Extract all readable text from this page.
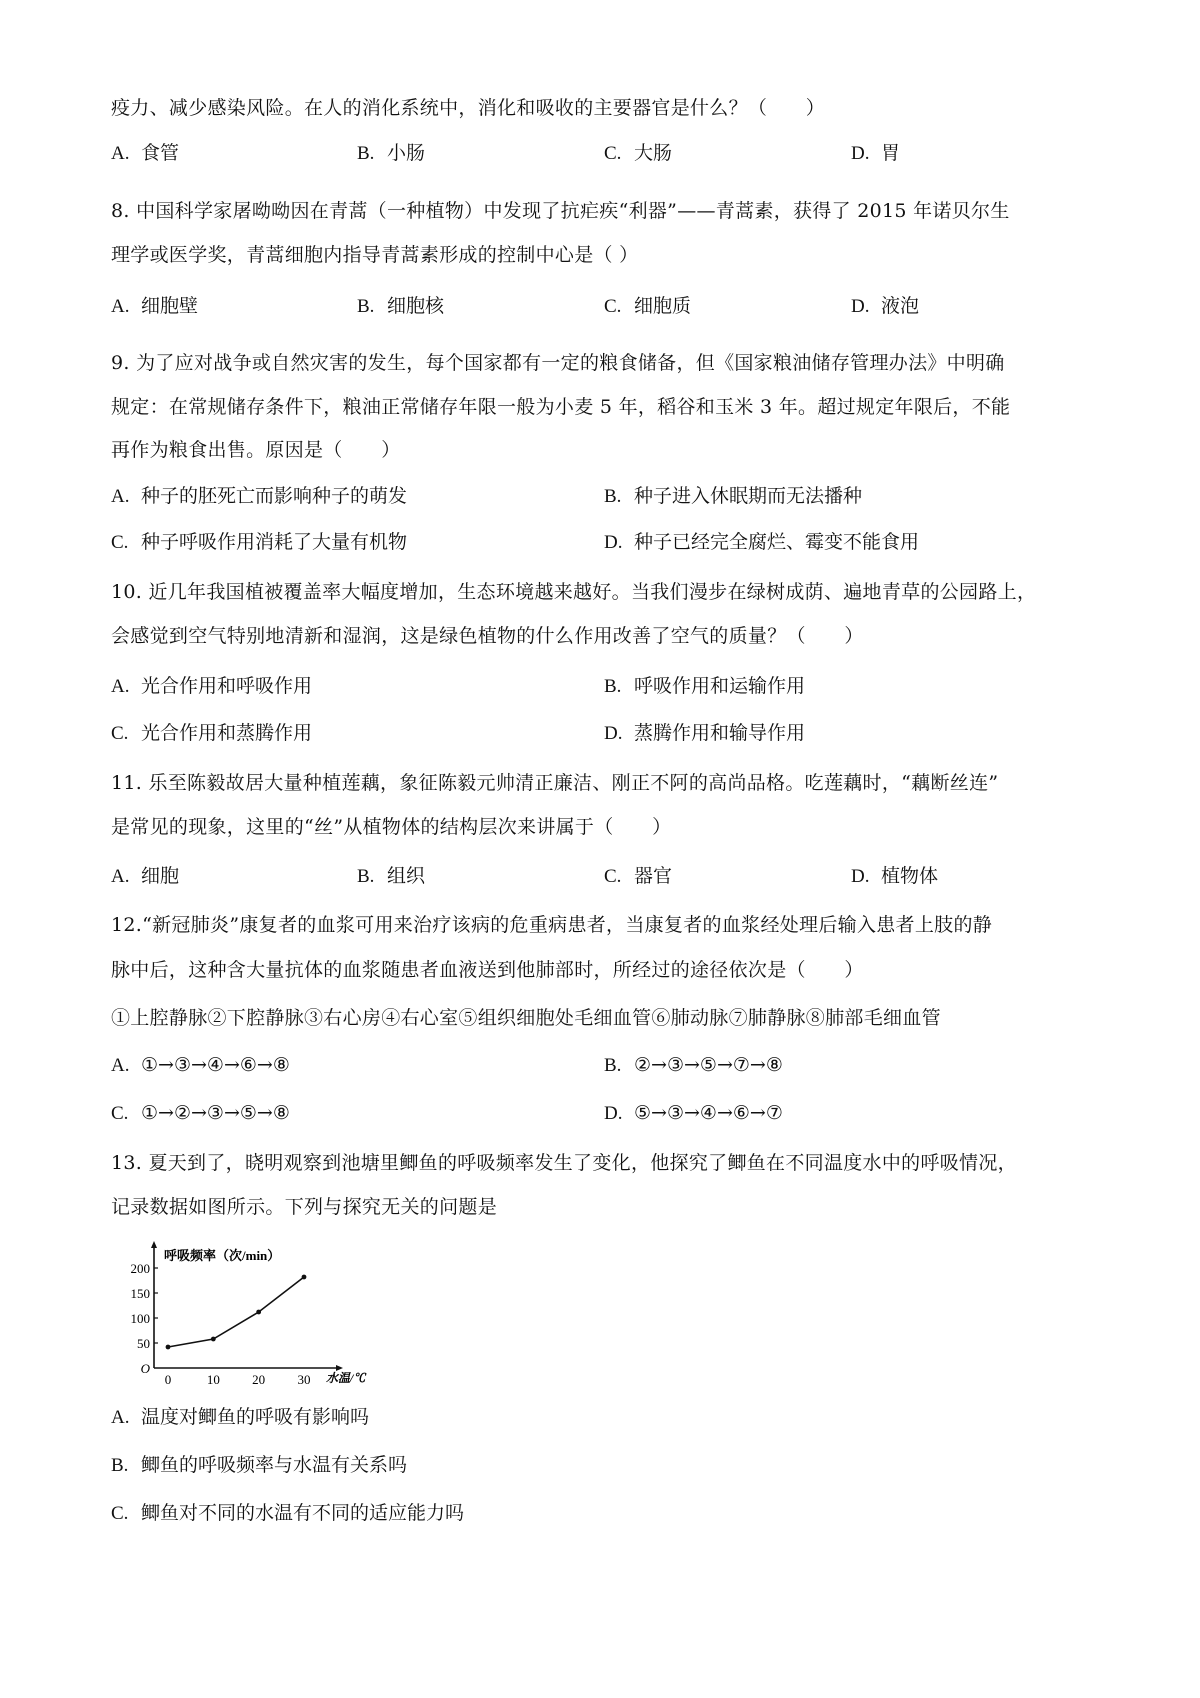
疫力、减少感染风险。在人的消化系统中，消化和吸收的主要器官是什么？（　　）
A. 食管	B. 小肠	C. 大肠	D. 胃
8. 中国科学家屠呦呦因在青蒿（一种植物）中发现了抗疟疾“利器”——青蒿素，获得了 2015 年诺贝尔生
理学或医学奖，青蒿细胞内指导青蒿素形成的控制中心是（ ）
A. 细胞壁	B. 细胞核	C. 细胞质	D. 液泡
9. 为了应对战争或自然灾害的发生，每个国家都有一定的粮食储备，但《国家粮油储存管理办法》中明确
规定：在常规储存条件下，粮油正常储存年限一般为小麦 5 年，稻谷和玉米 3 年。超过规定年限后，不能
再作为粮食出售。原因是（　　）
A. 种子的胚死亡而影响种子的萌发	B. 种子进入休眠期而无法播种
C. 种子呼吸作用消耗了大量有机物	D. 种子已经完全腐烂、霉变不能食用
10. 近几年我国植被覆盖率大幅度增加，生态环境越来越好。当我们漫步在绿树成荫、遍地青草的公园路上，
会感觉到空气特别地清新和湿润，这是绿色植物的什么作用改善了空气的质量？（　　）
A. 光合作用和呼吸作用	B. 呼吸作用和运输作用
C. 光合作用和蒸腾作用	D. 蒸腾作用和输导作用
11. 乐至陈毅故居大量种植莲藕，象征陈毅元帅清正廉洁、刚正不阿的高尚品格。吃莲藕时，“藕断丝连”
是常见的现象，这里的“丝”从植物体的结构层次来讲属于（　　）
A. 细胞	B. 组织	C. 器官	D. 植物体
12.“新冠肺炎”康复者的血浆可用来治疗该病的危重病患者，当康复者的血浆经处理后输入患者上肢的静
脉中后，这种含大量抗体的血浆随患者血液送到他肺部时，所经过的途径依次是（　　）
①上腔静脉②下腔静脉③右心房④右心室⑤组织细胞处毛细血管⑥肺动脉⑦肺静脉⑧肺部毛细血管
A. ①→③→④→⑥→⑧	B. ②→③→⑤→⑦→⑧
C. ①→②→③→⑤→⑧	D. ⑤→③→④→⑥→⑦
13. 夏天到了，晓明观察到池塘里鲫鱼的呼吸频率发生了变化，他探究了鲫鱼在不同温度水中的呼吸情况，
记录数据如图所示。下列与探究无关的问题是
O
50
100
150
200
0	10 20 30
呼吸频率（次/min）
水温/℃
A. 温度对鲫鱼的呼吸有影响吗
B. 鲫鱼的呼吸频率与水温有关系吗
C. 鲫鱼对不同的水温有不同的适应能力吗
